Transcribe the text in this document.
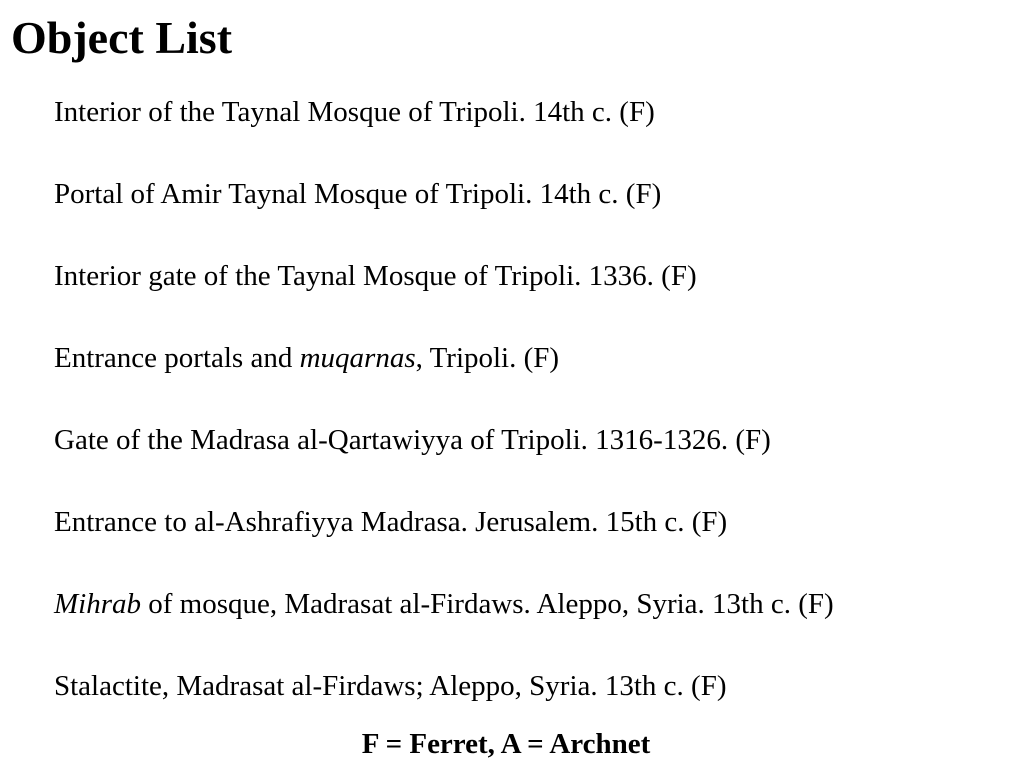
Object List
Interior of the Taynal Mosque of Tripoli. 14th c. (F)
Portal of Amir Taynal Mosque of Tripoli. 14th c. (F)
Interior gate of the Taynal Mosque of Tripoli. 1336. (F)
Entrance portals and muqarnas, Tripoli. (F)
Gate of the Madrasa al-Qartawiyya of Tripoli. 1316-1326. (F)
Entrance to al-Ashrafiyya Madrasa. Jerusalem. 15th c. (F)
Mihrab of mosque, Madrasat al-Firdaws. Aleppo, Syria. 13th c. (F)
Stalactite, Madrasat al-Firdaws; Aleppo, Syria. 13th c. (F)
F = Ferret, A = Archnet
